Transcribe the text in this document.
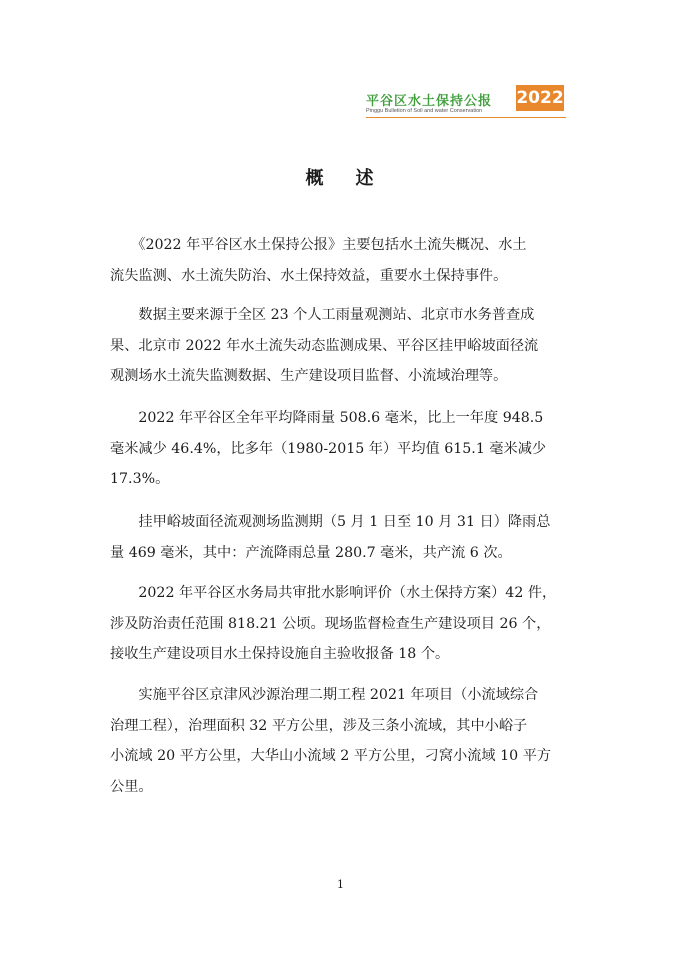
平谷区水土保持公报
Pinggu Bulletion of Soil and water Conservation
2022
概 述
　　《2022 年平谷区水土保持公报》主要包括水土流失概况、水土
流失监测、水土流失防治、水土保持效益，重要水土保持事件。
　　数据主要来源于全区 23 个人工雨量观测站、北京市水务普查成
果、北京市 2022 年水土流失动态监测成果、平谷区挂甲峪坡面径流
观测场水土流失监测数据、生产建设项目监督、小流域治理等。
　　2022 年平谷区全年平均降雨量 508.6 毫米，比上一年度 948.5
毫米减少 46.4%，比多年（1980-2015 年）平均值 615.1 毫米减少
17.3%。
　　挂甲峪坡面径流观测场监测期（5 月 1 日至 10 月 31 日）降雨总
量 469 毫米，其中：产流降雨总量 280.7 毫米，共产流 6 次。
　　2022 年平谷区水务局共审批水影响评价（水土保持方案）42 件，
涉及防治责任范围 818.21 公顷。现场监督检查生产建设项目 26 个，
接收生产建设项目水土保持设施自主验收报备 18 个。
　　实施平谷区京津风沙源治理二期工程 2021 年项目（小流域综合
治理工程），治理面积 32 平方公里，涉及三条小流域，其中小峪子
小流域 20 平方公里，大华山小流域 2 平方公里，刁窝小流域 10 平方
公里。
1
